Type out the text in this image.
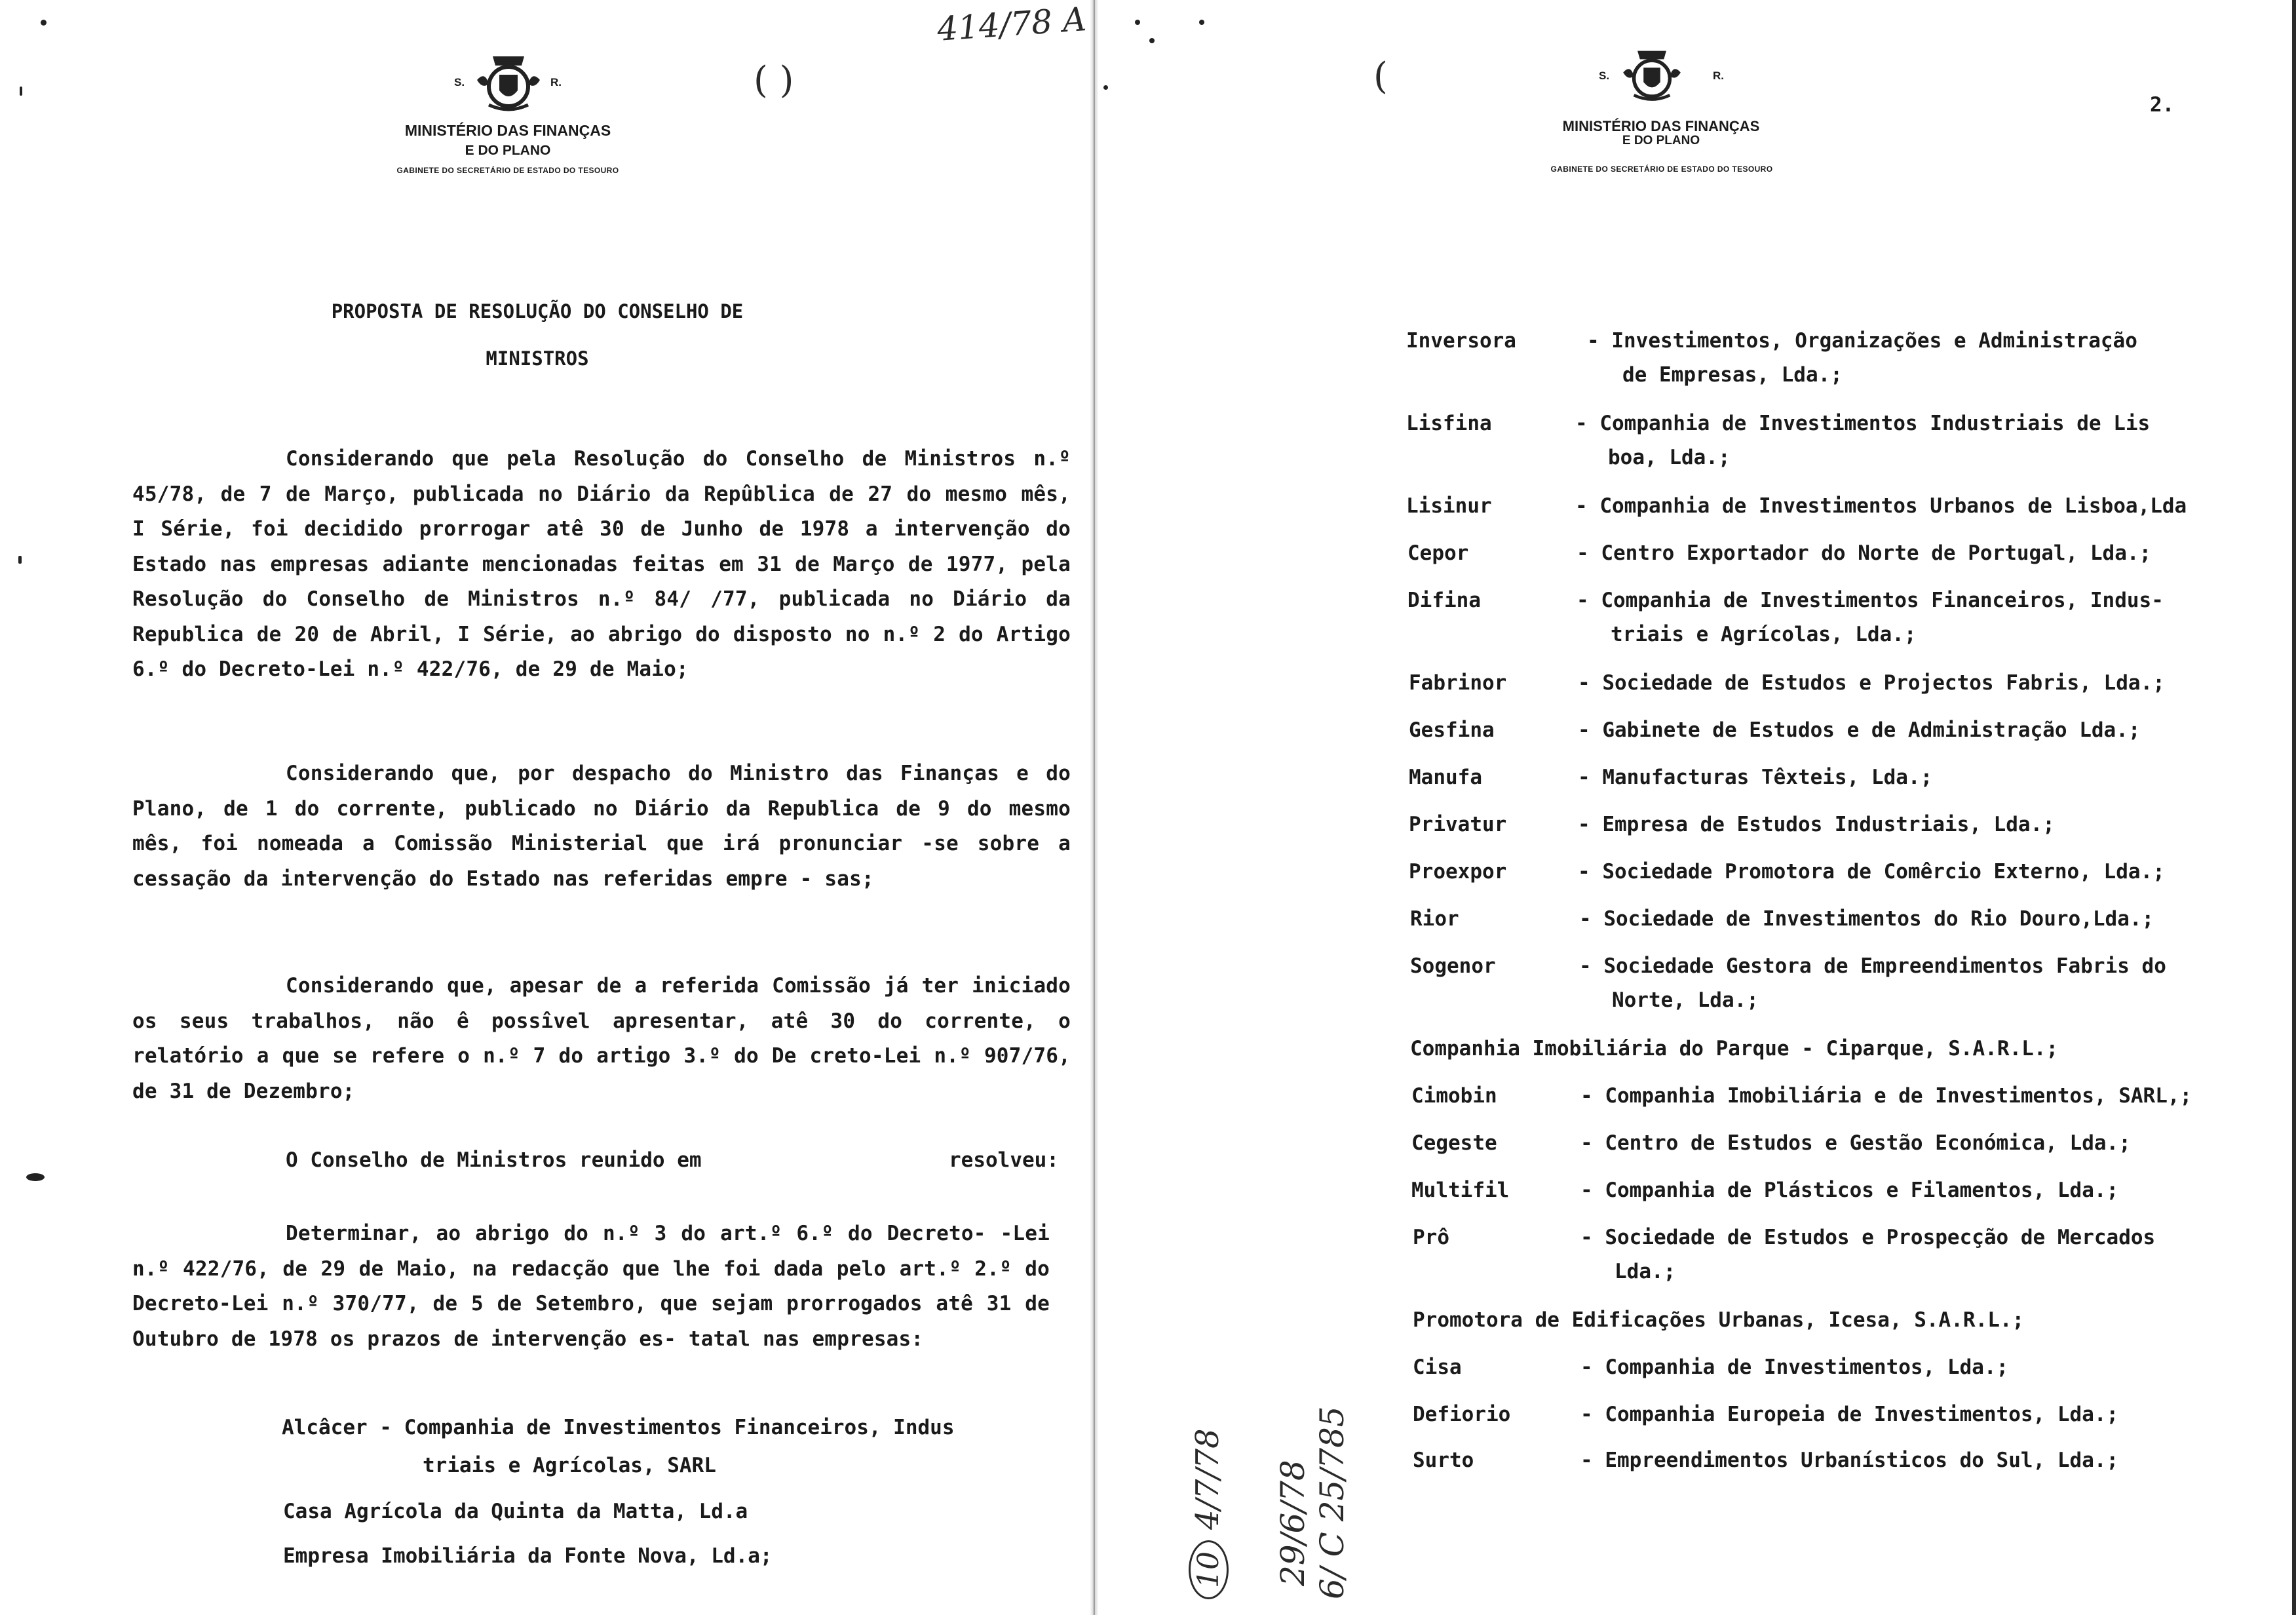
414/78 A
S.	R.
MINISTÉRIO DAS FINANÇAS
E DO PLANO
GABINETE DO SECRETÁRIO DE ESTADO DO TESOURO
( )
PROPOSTA DE RESOLUÇÃO DO CONSELHO DE
MINISTROS
Considerando que pela Resolução do Conselho de Ministros n.º 45/78, de 7 de Março, publicada no Diário da Repûblica de 27 do mesmo mês, I Série, foi decidido prorrogar atê 30 de Junho de 1978 a intervenção do Estado nas empresas adiante mencionadas feitas em 31 de Março de 1977, pela Resolução do Conselho de Ministros n.º 84/ /77, publicada no Diário da Republica de 20 de Abril, I Série, ao abrigo do disposto no n.º 2 do Artigo 6.º do Decreto-Lei n.º 422/76, de 29 de Maio;
Considerando que, por despacho do Ministro das Finanças e do Plano, de 1 do corrente, publicado no Diário da Republica de 9 do mesmo mês, foi nomeada a Comissão Ministerial que irá pronunciar -se sobre a cessação da intervenção do Estado nas referidas empre - sas;
Considerando que, apesar de a referida Comissão já ter iniciado os seus trabalhos, não ê possîvel apresentar, atê 30 do corrente, o relatório a que se refere o n.º 7 do artigo 3.º do De creto-Lei n.º 907/76, de 31 de Dezembro;
O Conselho de Ministros reunido em	resolveu:
Determinar, ao abrigo do n.º 3 do art.º 6.º do Decreto- -Lei n.º 422/76, de 29 de Maio, na redacção que lhe foi dada pelo art.º 2.º do Decreto-Lei n.º 370/77, de 5 de Setembro, que sejam prorrogados atê 31 de Outubro de 1978 os prazos de intervenção es- tatal nas empresas:
Alcâcer - Companhia de Investimentos Financeiros, Indus
triais e Agrícolas, SARL
Casa Agrícola da Quinta da Matta, Ld.a
Empresa Imobiliária da Fonte Nova, Ld.a;
(	S.	R.
MINISTÉRIO DAS FINANÇAS
E DO PLANO
GABINETE DO SECRETÁRIO DE ESTADO DO TESOURO
2.
Inversora	- Investimentos, Organizações e Administração
de Empresas, Lda.;
Lisfina	- Companhia de Investimentos Industriais de Lis
boa, Lda.;
Lisinur	- Companhia de Investimentos Urbanos de Lisboa,Lda
Cepor	- Centro Exportador do Norte de Portugal, Lda.;
Difina	- Companhia de Investimentos Financeiros, Indus-
triais e Agrícolas, Lda.;
Fabrinor	- Sociedade de Estudos e Projectos Fabris, Lda.;
Gesfina	- Gabinete de Estudos e de Administração Lda.;
Manufa	- Manufacturas Têxteis, Lda.;
Privatur	- Empresa de Estudos Industriais, Lda.;
Proexpor	- Sociedade Promotora de Comêrcio Externo, Lda.;
Rior	- Sociedade de Investimentos do Rio Douro,Lda.;
Sogenor	- Sociedade Gestora de Empreendimentos Fabris do
Norte, Lda.;
Companhia Imobiliária do Parque - Ciparque, S.A.R.L.;
Cimobin	- Companhia Imobiliária e de Investimentos, SARL,;
Cegeste	- Centro de Estudos e Gestão Económica, Lda.;
Multifil	- Companhia de Plásticos e Filamentos, Lda.;
Prô	- Sociedade de Estudos e Prospecção de Mercados
Lda.;
Promotora de Edificações Urbanas, Icesa, S.A.R.L.;
Cisa	- Companhia de Investimentos, Lda.;
Defiorio	- Companhia Europeia de Investimentos, Lda.;
Surto	- Empreendimentos Urbanísticos do Sul, Lda.;
104/7/78	6/ C 25/785
29/6/78
